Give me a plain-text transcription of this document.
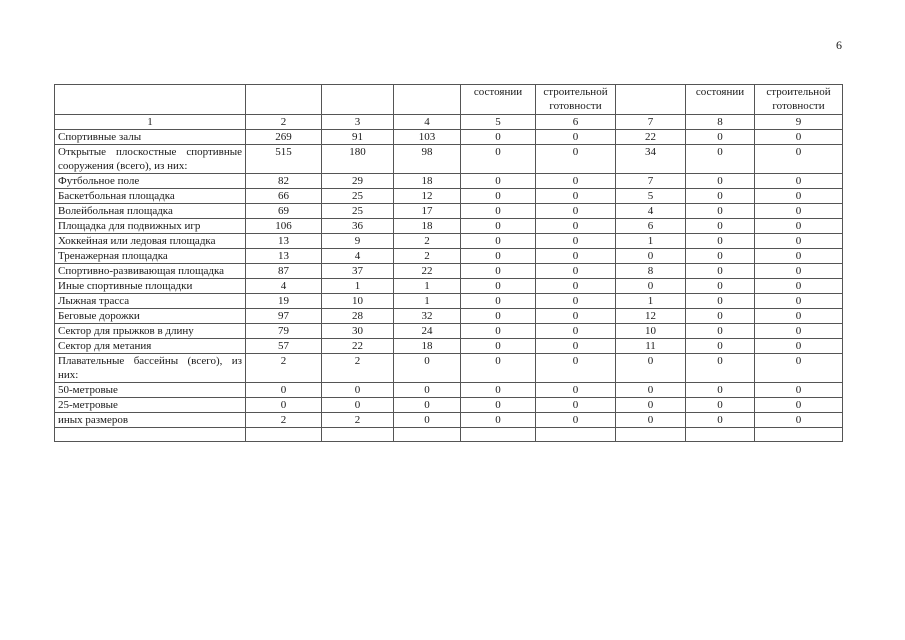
6
				состоянии	строительной готовности		состоянии	строительной готовности
1	2	3	4	5	6	7	8	9
Спортивные залы	269	91	103	0	0	22	0	0
Открытые плоскостные спортивные сооружения (всего), из них:	515	180	98	0	0	34	0	0
Футбольное поле	82	29	18	0	0	7	0	0
Баскетбольная площадка	66	25	12	0	0	5	0	0
Волейбольная площадка	69	25	17	0	0	4	0	0
Площадка для подвижных игр	106	36	18	0	0	6	0	0
Хоккейная или ледовая площадка	13	9	2	0	0	1	0	0
Тренажерная площадка	13	4	2	0	0	0	0	0
Спортивно-развивающая площадка	87	37	22	0	0	8	0	0
Иные спортивные площадки	4	1	1	0	0	0	0	0
Лыжная трасса	19	10	1	0	0	1	0	0
Беговые дорожки	97	28	32	0	0	12	0	0
Сектор для прыжков в длину	79	30	24	0	0	10	0	0
Сектор для метания	57	22	18	0	0	11	0	0
Плавательные бассейны (всего), из них:	2	2	0	0	0	0	0	0
50-метровые	0	0	0	0	0	0	0	0
25-метровые	0	0	0	0	0	0	0	0
иных размеров	2	2	0	0	0	0	0	0
